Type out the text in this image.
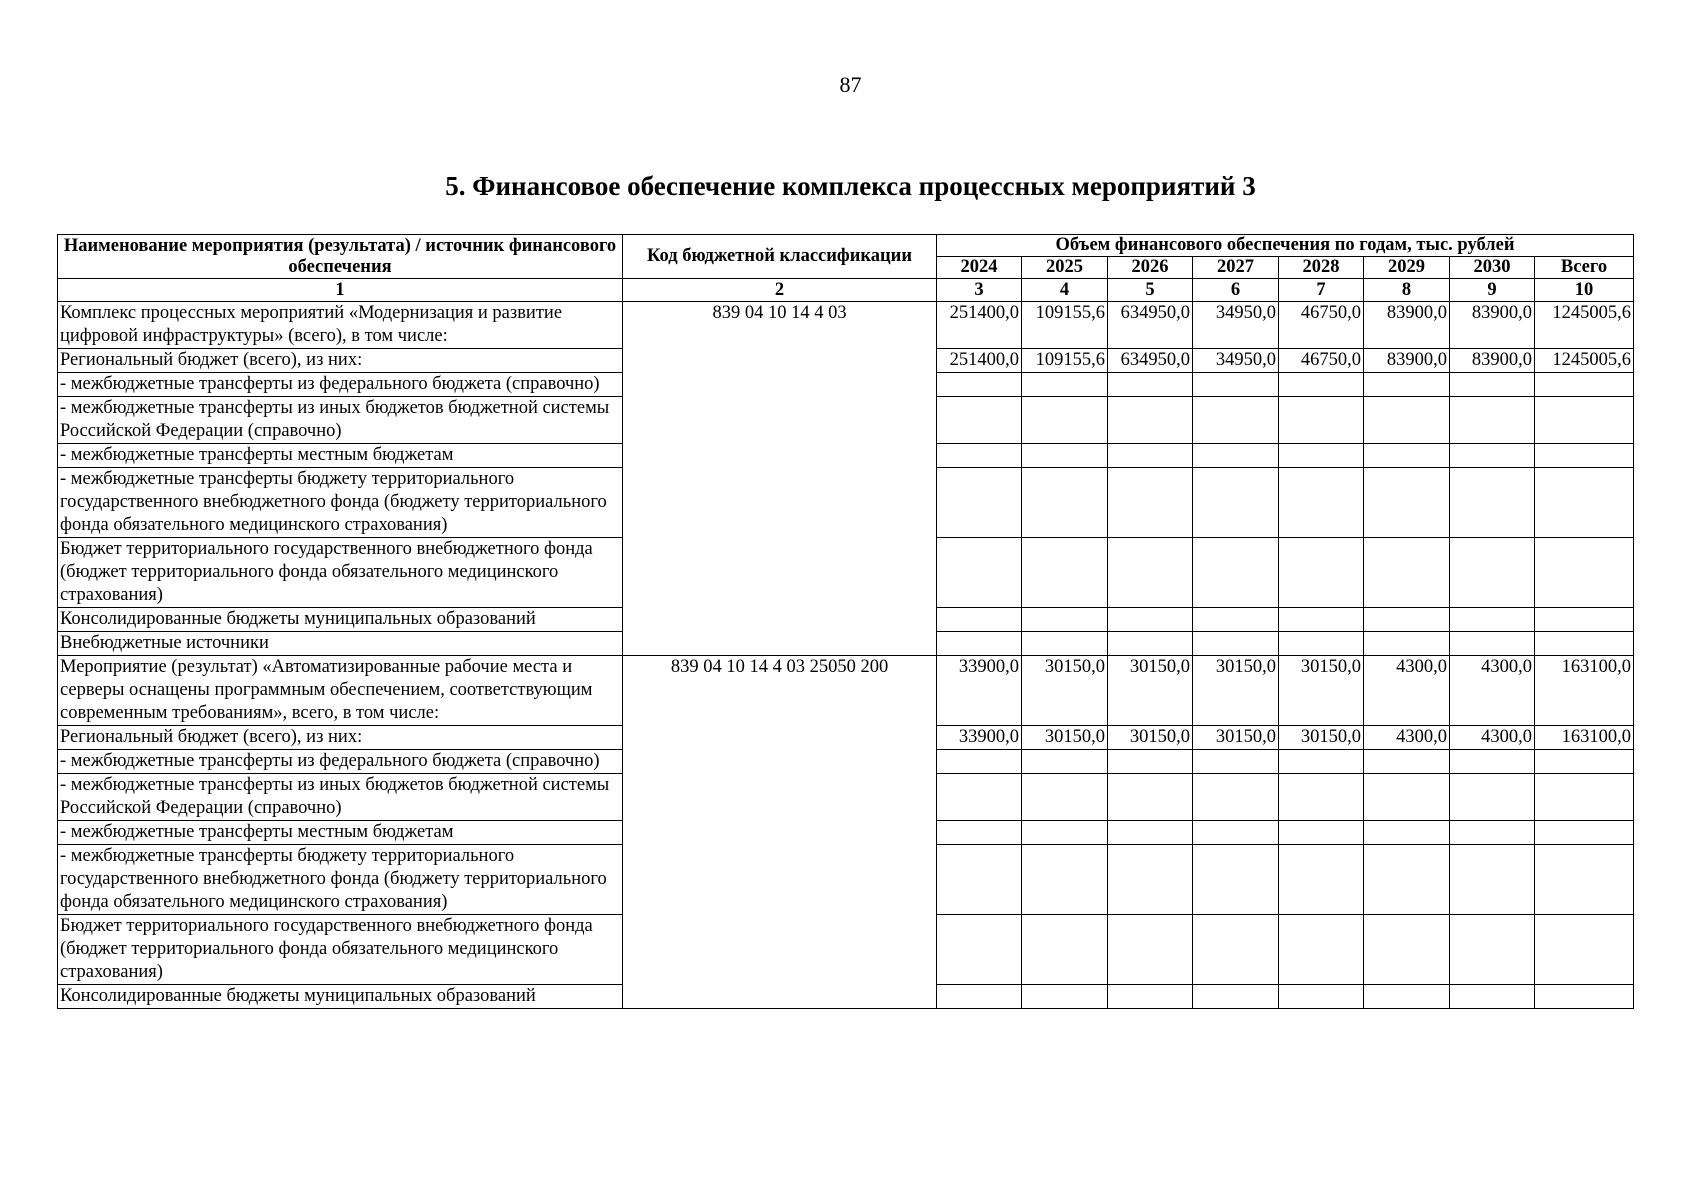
87
5. Финансовое обеспечение комплекса процессных мероприятий 3
Наименование мероприятия (результата) / источник финансового обеспечения	Код бюджетной классификации	Объем финансового обеспечения по годам, тыс. рублей							
		2024	2025	2026	2027	2028	2029	2030	Всего
1	2	3	4	5	6	7	8	9	10
Комплекс процессных мероприятий «Модернизация и развитие цифровой инфраструктуры» (всего), в том числе:	839 04 10 14 4 03	251400,0	109155,6	634950,0	34950,0	46750,0	83900,0	83900,0	1245005,6
Региональный бюджет (всего), из них:		251400,0	109155,6	634950,0	34950,0	46750,0	83900,0	83900,0	1245005,6
- межбюджетные трансферты из федерального бюджета (справочно)									
- межбюджетные трансферты из иных бюджетов бюджетной системы Российской Федерации (справочно)									
- межбюджетные трансферты местным бюджетам									
- межбюджетные трансферты бюджету территориального государственного внебюджетного фонда (бюджету территориального фонда обязательного медицинского страхования)									
Бюджет территориального государственного внебюджетного фонда (бюджет территориального фонда обязательного медицинского страхования)									
Консолидированные бюджеты муниципальных образований									
Внебюджетные источники									
Мероприятие (результат) «Автоматизированные рабочие места и серверы оснащены программным обеспечением, соответствующим современным требованиям», всего, в том числе:	839 04 10 14 4 03 25050 200	33900,0	30150,0	30150,0	30150,0	30150,0	4300,0	4300,0	163100,0
Региональный бюджет (всего), из них:		33900,0	30150,0	30150,0	30150,0	30150,0	4300,0	4300,0	163100,0
- межбюджетные трансферты из федерального бюджета (справочно)									
- межбюджетные трансферты из иных бюджетов бюджетной системы Российской Федерации (справочно)									
- межбюджетные трансферты местным бюджетам									
- межбюджетные трансферты бюджету территориального государственного внебюджетного фонда (бюджету территориального фонда обязательного медицинского страхования)									
Бюджет территориального государственного внебюджетного фонда (бюджет территориального фонда обязательного медицинского страхования)									
Консолидированные бюджеты муниципальных образований									
